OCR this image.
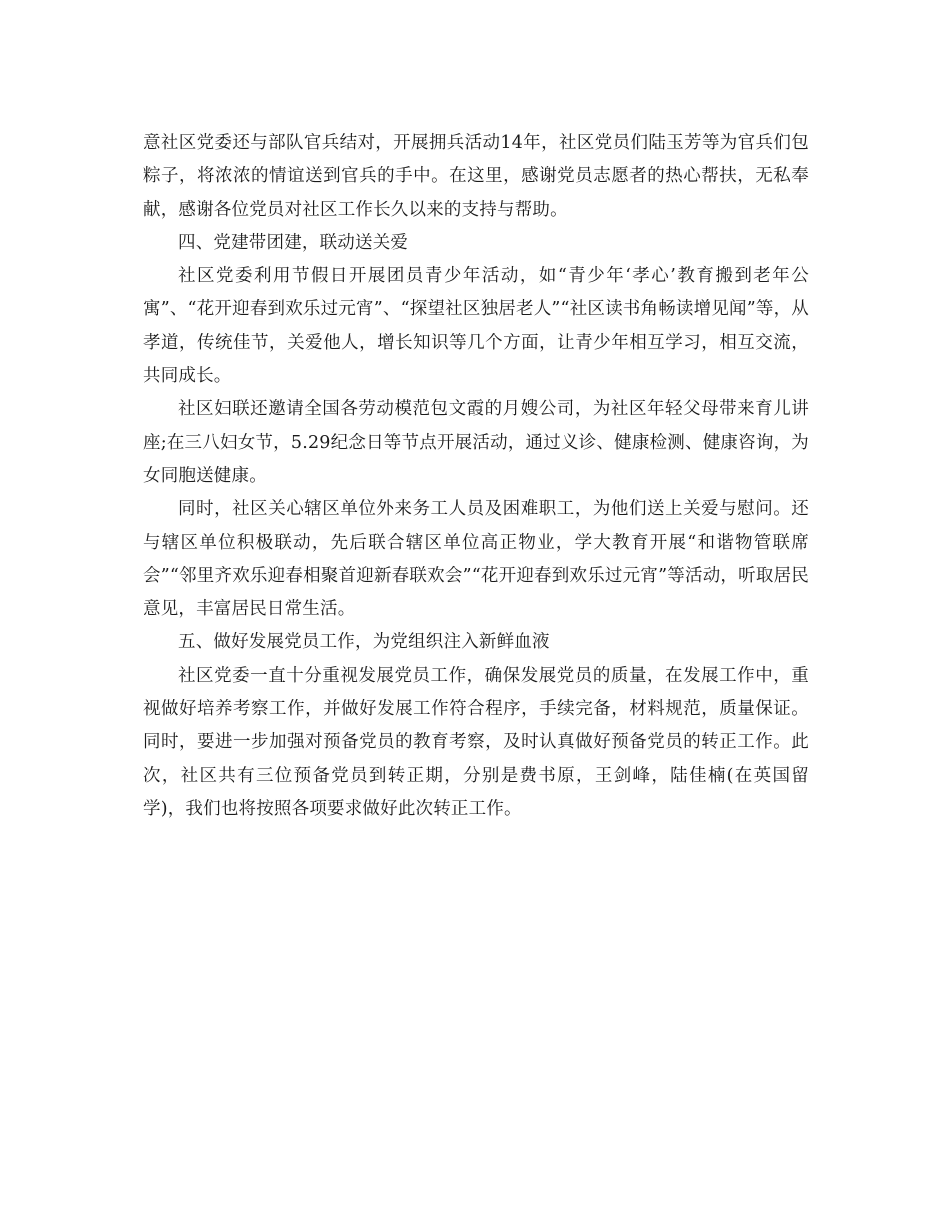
意社区党委还与部队官兵结对，开展拥兵活动14年，社区党员们陆玉芳等为官兵们包粽子，将浓浓的情谊送到官兵的手中。在这里，感谢党员志愿者的热心帮扶，无私奉献，感谢各位党员对社区工作长久以来的支持与帮助。

四、党建带团建，联动送关爱

社区党委利用节假日开展团员青少年活动，如“青少年‘孝心’教育搬到老年公寓”、“花开迎春到欢乐过元宵”、“探望社区独居老人”“社区读书角畅读增见闻”等，从孝道，传统佳节，关爱他人，增长知识等几个方面，让青少年相互学习，相互交流，共同成长。

社区妇联还邀请全国各劳动模范包文霞的月嫂公司，为社区年轻父母带来育儿讲座;在三八妇女节，5.29纪念日等节点开展活动，通过义诊、健康检测、健康咨询，为女同胞送健康。

同时，社区关心辖区单位外来务工人员及困难职工，为他们送上关爱与慰问。还与辖区单位积极联动，先后联合辖区单位高正物业，学大教育开展“和谐物管联席会”“邻里齐欢乐迎春相聚首迎新春联欢会”“花开迎春到欢乐过元宵”等活动，听取居民意见，丰富居民日常生活。

五、做好发展党员工作，为党组织注入新鲜血液

社区党委一直十分重视发展党员工作，确保发展党员的质量，在发展工作中，重视做好培养考察工作，并做好发展工作符合程序，手续完备，材料规范，质量保证。同时，要进一步加强对预备党员的教育考察，及时认真做好预备党员的转正工作。此次，社区共有三位预备党员到转正期，分别是费书原，王剑峰，陆佳楠(在英国留学)，我们也将按照各项要求做好此次转正工作。
